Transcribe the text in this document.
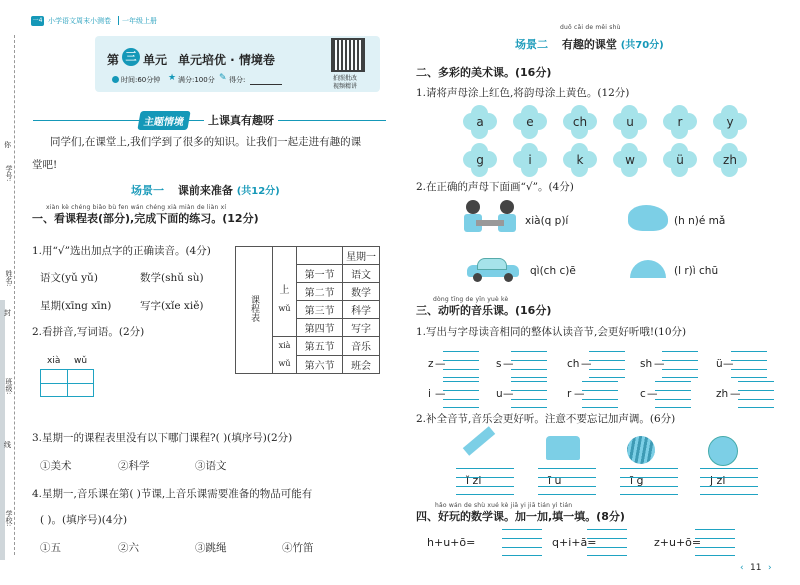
你
学号:
姓名:
封
班级:
线
学校:
一4 小学语文周末小测卷 一年级上册
第 三 单元 单元培优 · 情境卷
时间:60分钟 ★ 满分:100分 ✎ 得分:	拍照批改
视频精讲
主题情境	上课真有趣呀
同学们,在课堂上,我们学到了很多的知识。让我们一起走进有趣的课
堂吧!
场景一 课前来准备 (共12分)
xiàn kè chéng biǎo bù fen wán chéng xià miàn de liàn xí
一、看课程表(部分),完成下面的练习。(12分)
1.用“√”选出加点字的正确读音。(4分)
语文(yǔ yǔ)	数学(shǔ sù)
星期(xīng xīn)	写字(xǐe xiě)
2.看拼音,写词语。(2分)
xià wǔ
3.星期一的课程表里没有以下哪门课程?( )(填序号)(2分)
①美术	②科学	③语文
4.星期一,音乐课在第( )节课,上音乐课需要准备的物品可能有
( )。(填序号)(4分)
①五	②六	③跳绳	④竹笛
课程表			星期一

	上
wǔ	第一节	语文
		第二节	数学
		第三节	科学
		第四节	写字

	xià
wǔ	第五节	音乐
		第六节	班会
duō cǎi de měi shù
场景二 有趣的课堂 (共70分)
二、多彩的美术课。(16分)
1.请将声母涂上红色,将韵母涂上黄色。(12分)
a	e	ch	u	r	y
g	i	k	w	ü	zh
2.在正确的声母下面画“√”。(4分)
xià(q p)í	(h n)é mǎ
qì(ch c)ē	(l r)ì chū
dòng tīng de yīn yuè kè
三、动听的音乐课。(16分)
1.写出与字母读音相同的整体认读音节,会更好听哦!(10分)
z —	s —	ch —	sh —	ü —
i —	u —	r —	c —	zh —
2.补全音节,音乐会更好听。注意不要忘记加声调。(6分)
ǐ zi	ī u	ī g	j zi
hǎo wán de shù xué kè jiā yi jiā tián yì tián
四、好玩的数学课。加一加,填一填。(8分)
h+u+ō=	q+i+ā=	z+u+ō=
‹ 11 ›
